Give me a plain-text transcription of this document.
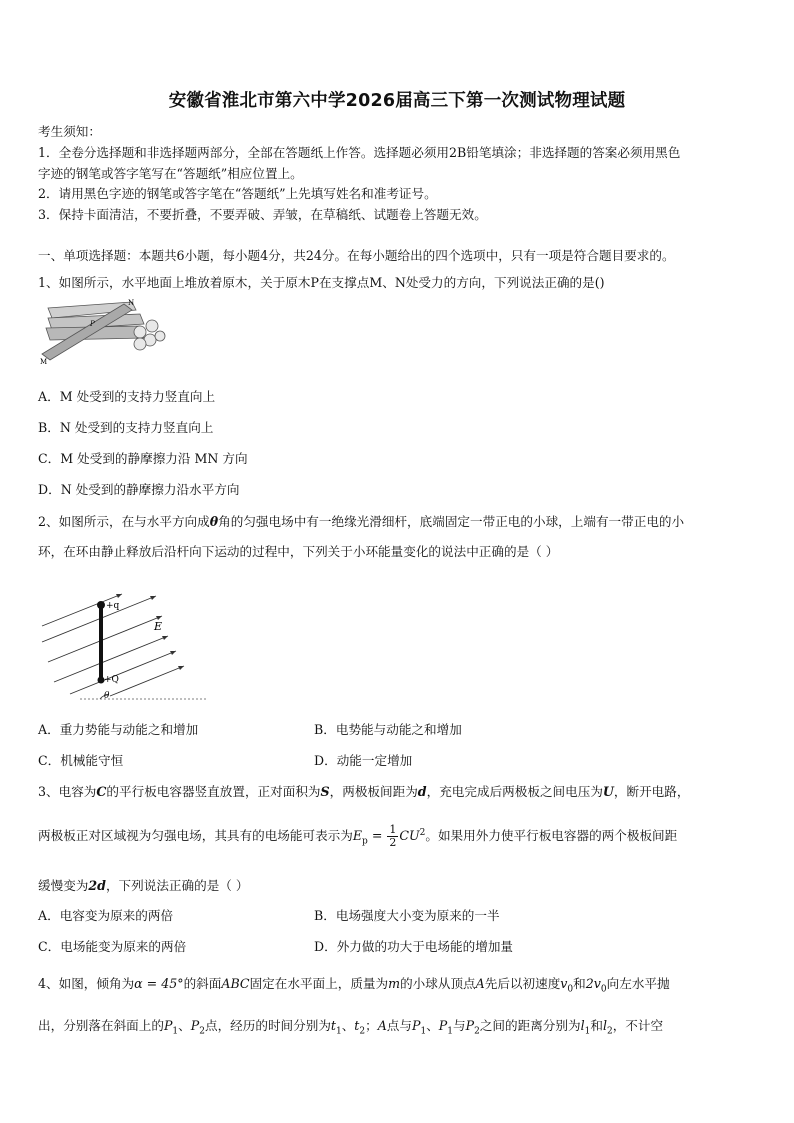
安徽省淮北市第六中学2026届高三下第一次测试物理试题
考生须知：
1．全卷分选择题和非选择题两部分，全部在答题纸上作答。选择题必须用2B铅笔填涂；非选择题的答案必须用黑色
字迹的钢笔或答字笔写在“答题纸”相应位置上。
2．请用黑色字迹的钢笔或答字笔在“答题纸”上先填写姓名和准考证号。
3．保持卡面清洁，不要折叠，不要弄破、弄皱，在草稿纸、试题卷上答题无效。
一、单项选择题：本题共6小题，每小题4分，共24分。在每小题给出的四个选项中，只有一项是符合题目要求的。
1、如图所示，水平地面上堆放着原木，关于原木P在支撑点M、N处受力的方向，下列说法正确的是()
M
N
P
A．M 处受到的支持力竖直向上
B．N 处受到的支持力竖直向上
C．M 处受到的静摩擦力沿 MN 方向
D．N 处受到的静摩擦力沿水平方向
2、如图所示，在与水平方向成θ角的匀强电场中有一绝缘光滑细杆，底端固定一带正电的小球，上端有一带正电的小
环，在环由静止释放后沿杆向下运动的过程中，下列关于小环能量变化的说法中正确的是（ ）
+q
E
+Q
θ
A．重力势能与动能之和增加	B．电势能与动能之和增加
C．机械能守恒	D．动能一定增加
3、电容为C的平行板电容器竖直放置，正对面积为S，两极板间距为d，充电完成后两极板之间电压为U，断开电路，
两极板正对区域视为匀强电场，其具有的电场能可表示为$E_p = \frac{1}{2} CU^2$。如果用外力使平行板电容器的两个极板间距
缓慢变为2d，下列说法正确的是（ ）
A．电容变为原来的两倍	B．电场强度大小变为原来的一半
C．电场能变为原来的两倍	D．外力做的功大于电场能的增加量
4、如图，倾角为α = 45°的斜面ABC固定在水平面上，质量为m的小球从顶点A先后以初速度$v_0$和$2v_0$向左水平抛
出，分别落在斜面上的$P_1$、$P_2$点，经历的时间分别为$t_1$、$t_2$；A点与$P_1$、$P_1$与$P_2$之间的距离分别为$l_1$和$l_2$，不计空
